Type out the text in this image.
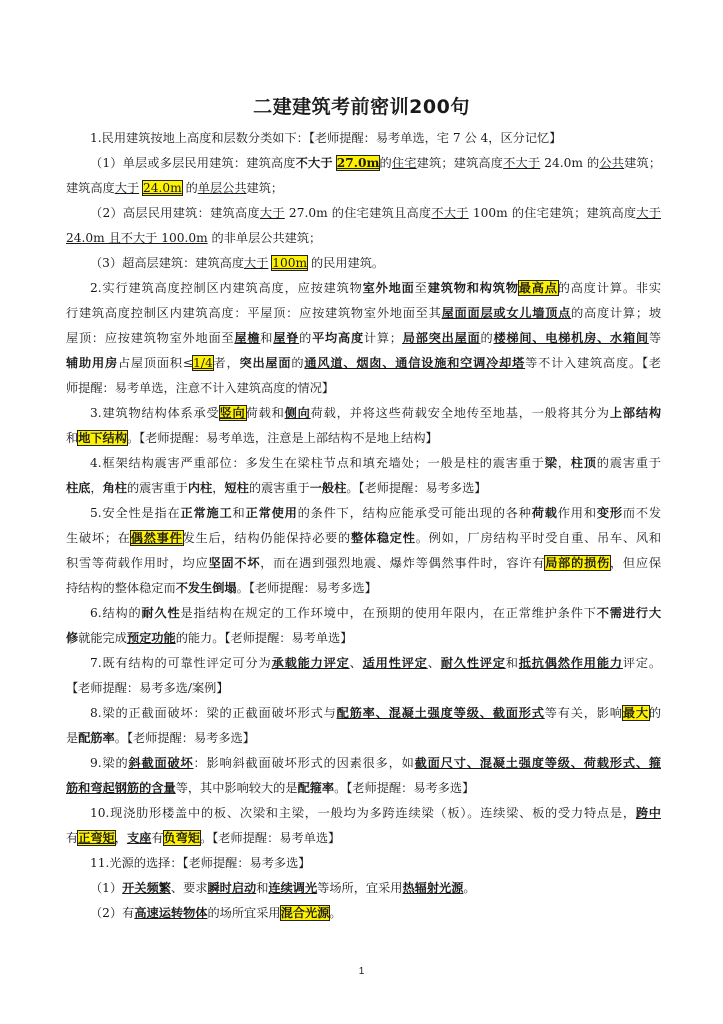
二建建筑考前密训200句
1.民用建筑按地上高度和层数分类如下：【老师提醒：易考单选，宅 7 公 4，区分记忆】
（1）单层或多层民用建筑：建筑高度不大于 27.0m的住宅建筑；建筑高度不大于 24.0m 的公共建筑；
建筑高度大于 24.0m 的单层公共建筑；
（2）高层民用建筑：建筑高度大于 27.0m 的住宅建筑且高度不大于 100m 的住宅建筑；建筑高度大于
24.0m 且不大于 100.0m 的非单层公共建筑；
（3）超高层建筑：建筑高度大于 100m 的民用建筑。
2.实行建筑高度控制区内建筑高度，应按建筑物室外地面至建筑物和构筑物最高点的高度计算。非实
行建筑高度控制区内建筑高度：平屋顶：应按建筑物室外地面至其屋面面层或女儿墙顶点的高度计算；坡
屋顶：应按建筑物室外地面至屋檐和屋脊的平均高度计算；局部突出屋面的楼梯间、电梯机房、水箱间等
辅助用房占屋顶面积≤1/4者，突出屋面的通风道、烟囱、通信设施和空调冷却塔等不计入建筑高度。【老
师提醒：易考单选，注意不计入建筑高度的情况】
3.建筑物结构体系承受竖向荷载和侧向荷载，并将这些荷载安全地传至地基，一般将其分为上部结构
和地下结构。【老师提醒：易考单选，注意是上部结构不是地上结构】
4.框架结构震害严重部位：多发生在梁柱节点和填充墙处；一般是柱的震害重于梁，柱顶的震害重于
柱底，角柱的震害重于内柱，短柱的震害重于一般柱。【老师提醒：易考多选】
5.安全性是指在正常施工和正常使用的条件下，结构应能承受可能出现的各种荷载作用和变形而不发
生破坏；在偶然事件发生后，结构仍能保持必要的整体稳定性。例如，厂房结构平时受自重、吊车、风和
积雪等荷载作用时，均应坚固不坏，而在遇到强烈地震、爆炸等偶然事件时，容许有局部的损伤，但应保
持结构的整体稳定而不发生倒塌。【老师提醒：易考多选】
6.结构的耐久性是指结构在规定的工作环境中，在预期的使用年限内，在正常维护条件下不需进行大
修就能完成预定功能的能力。【老师提醒：易考单选】
7.既有结构的可靠性评定可分为承载能力评定、适用性评定、耐久性评定和抵抗偶然作用能力评定。
【老师提醒：易考多选/案例】
8.梁的正截面破坏：梁的正截面破坏形式与配筋率、混凝土强度等级、截面形式等有关，影响最大的
是配筋率。【老师提醒：易考多选】
9.梁的斜截面破坏：影响斜截面破坏形式的因素很多，如截面尺寸、混凝土强度等级、荷载形式、箍
筋和弯起钢筋的含量等，其中影响较大的是配箍率。【老师提醒：易考多选】
10.现浇肋形楼盖中的板、次梁和主梁，一般均为多跨连续梁（板）。连续梁、板的受力特点是，跨中
有正弯矩，支座有负弯矩。【老师提醒：易考单选】
11.光源的选择：【老师提醒：易考多选】
（1）开关频繁、要求瞬时启动和连续调光等场所，宜采用热辐射光源。
（2）有高速运转物体的场所宜采用混合光源。
1
